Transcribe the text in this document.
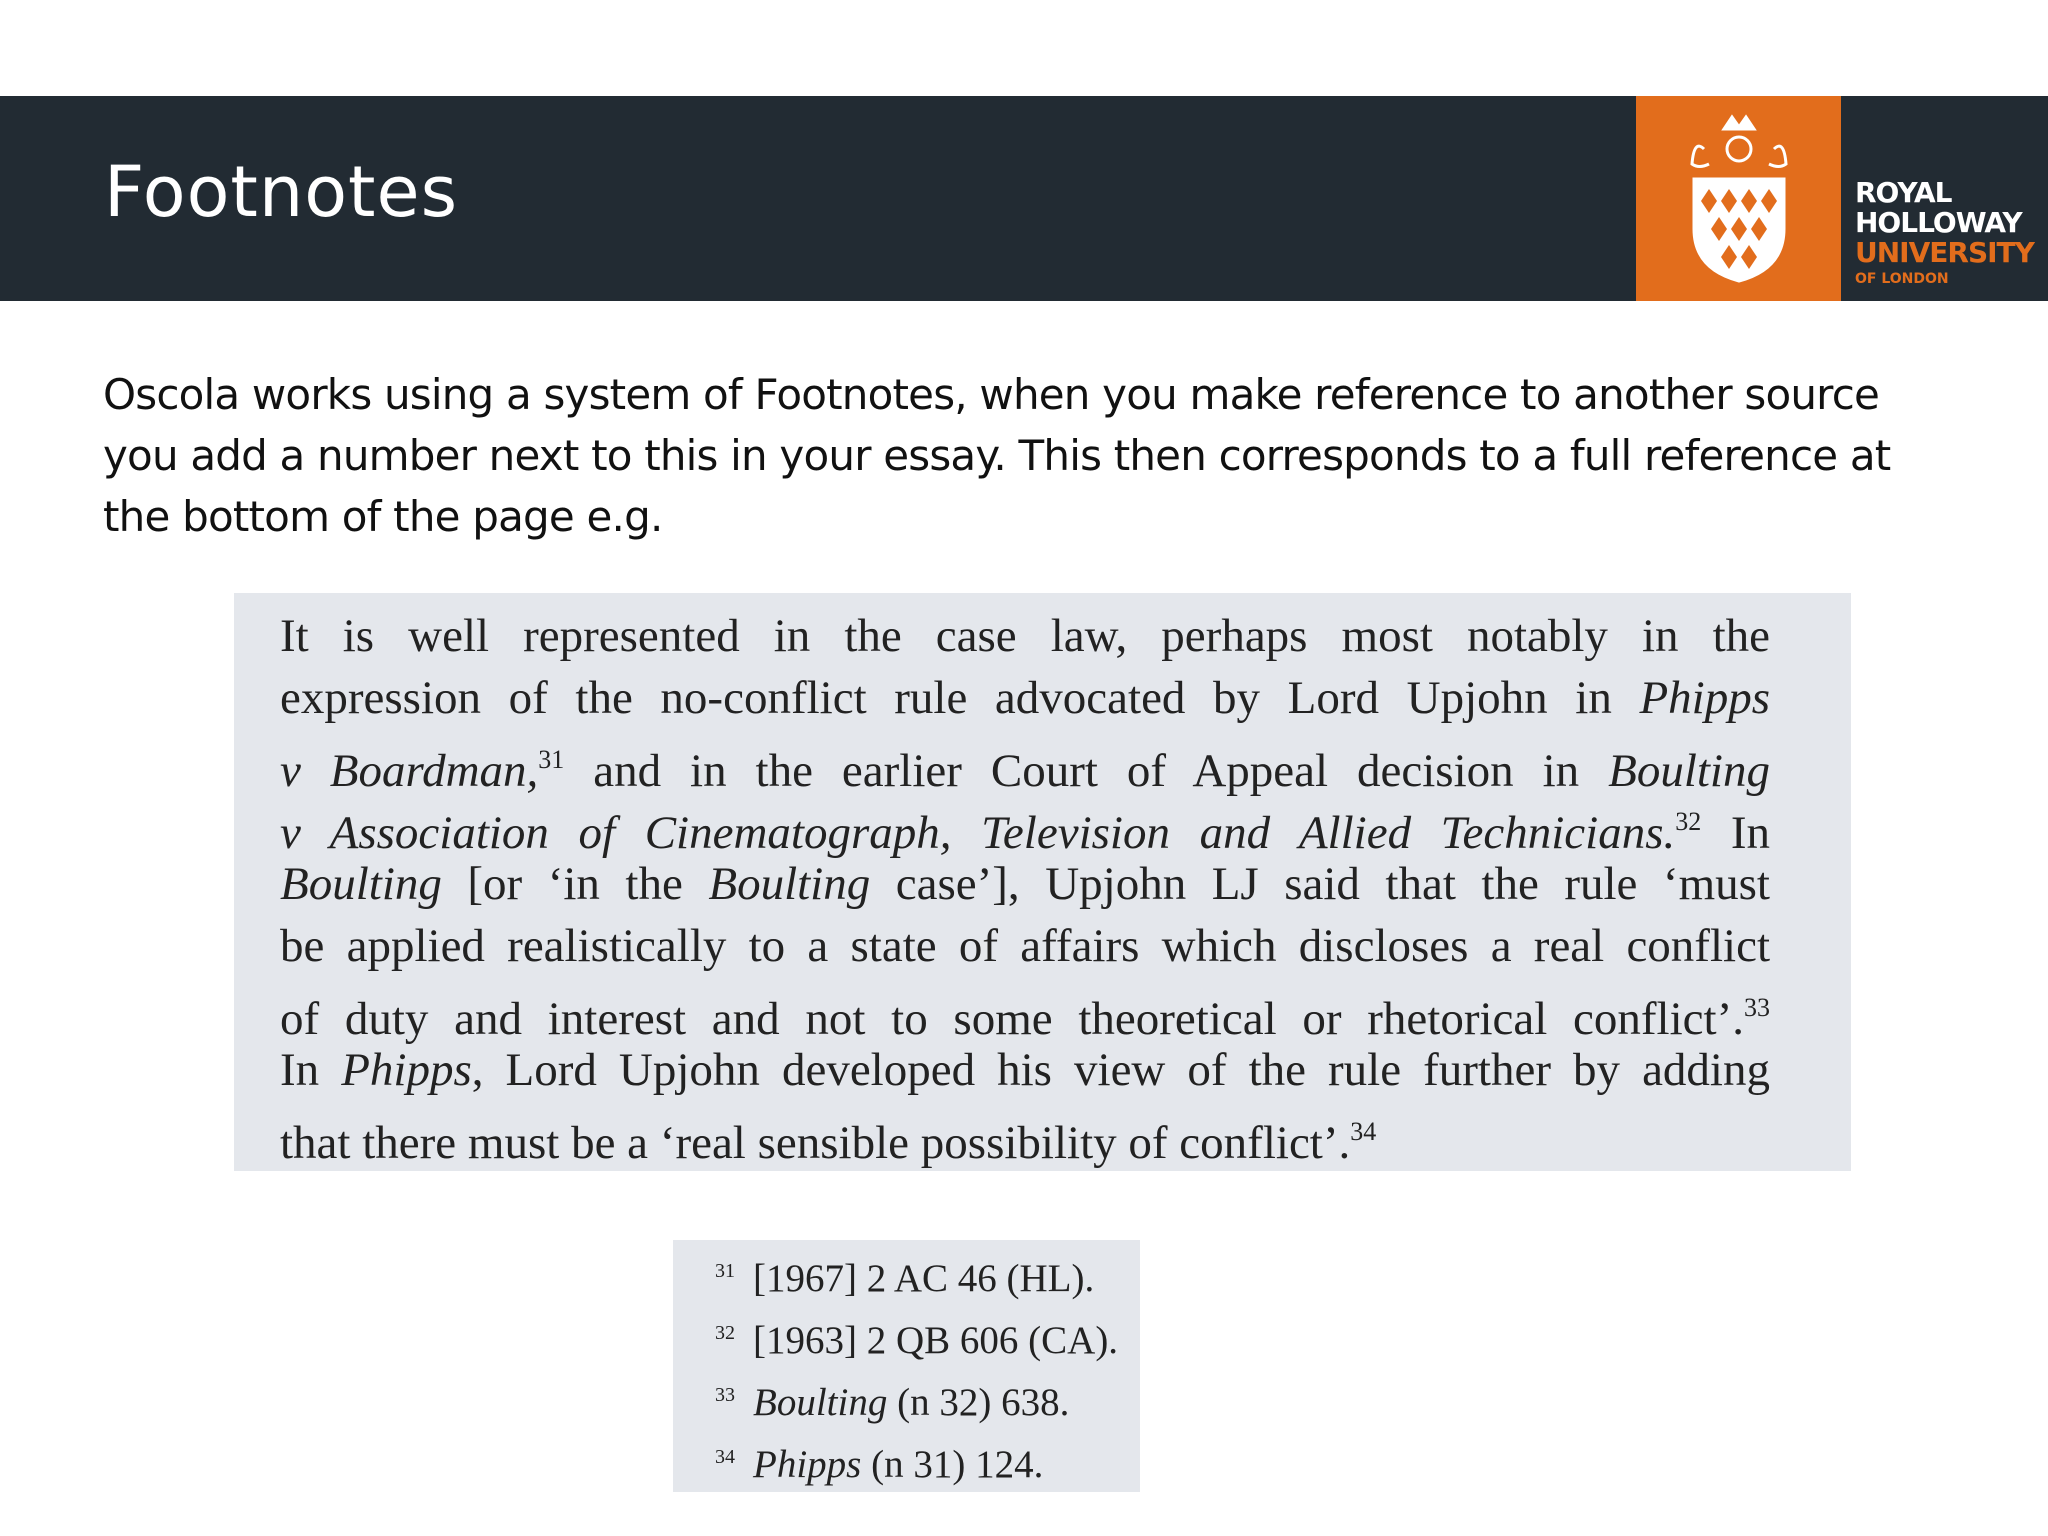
Footnotes	ROYAL
HOLLOWAY
UNIVERSITY
OF LONDON
Oscola works using a system of Footnotes, when you make reference to another source
you add a number next to this in your essay. This then corresponds to a full reference at
the bottom of the page e.g.
It is well represented in the case law, perhaps most notably in the
expression of the no-conflict rule advocated by Lord Upjohn in Phipps
v Boardman,$^{31}$ and in the earlier Court of Appeal decision in Boulting
v Association of Cinematograph, Television and Allied Technicians.$^{32}$ In
Boulting [or ‘in the Boulting case’], Upjohn LJ said that the rule ‘must
be applied realistically to a state of affairs which discloses a real conflict
of duty and interest and not to some theoretical or rhetorical conflict’.$^{33}$
In Phipps, Lord Upjohn developed his view of the rule further by adding
that there must be a ‘real sensible possibility of conflict’.$^{34}$
$^{31}$ [1967] 2 AC 46 (HL).
$^{32}$ [1963] 2 QB 606 (CA).
$^{33}$ Boulting (n 32) 638.
$^{34}$ Phipps (n 31) 124.
